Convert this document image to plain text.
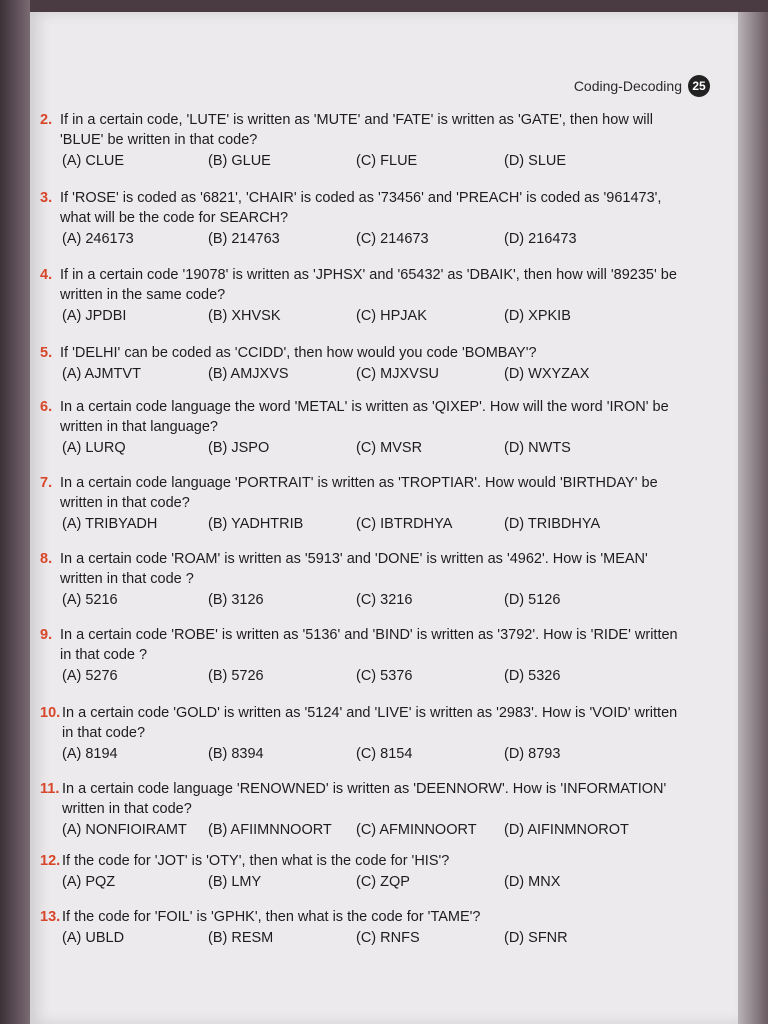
Coding-Decoding 25
2. If in a certain code, 'LUTE' is written as 'MUTE' and 'FATE' is written as 'GATE', then how will 'BLUE' be written in that code?
(A) CLUE	(B) GLUE	(C) FLUE	(D) SLUE
3. If 'ROSE' is coded as '6821', 'CHAIR' is coded as '73456' and 'PREACH' is coded as '961473', what will be the code for SEARCH?
(A) 246173	(B) 214763	(C) 214673	(D) 216473
4. If in a certain code '19078' is written as 'JPHSX' and '65432' as 'DBAIK', then how will '89235' be written in the same code?
(A) JPDBI	(B) XHVSK	(C) HPJAK	(D) XPKIB
5. If 'DELHI' can be coded as 'CCIDD', then how would you code 'BOMBAY'?
(A) AJMTVT	(B) AMJXVS	(C) MJXVSU	(D) WXYZAX
6. In a certain code language the word 'METAL' is written as 'QIXEP'. How will the word 'IRON' be written in that language?
(A) LURQ	(B) JSPO	(C) MVSR	(D) NWTS
7. In a certain code language 'PORTRAIT' is written as 'TROPTIAR'. How would 'BIRTHDAY' be written in that code?
(A) TRIBYADH	(B) YADHTRIB	(C) IBTRDHYA	(D) TRIBDHYA
8. In a certain code 'ROAM' is written as '5913' and 'DONE' is written as '4962'. How is 'MEAN' written in that code ?
(A) 5216	(B) 3126	(C) 3216	(D) 5126
9. In a certain code 'ROBE' is written as '5136' and 'BIND' is written as '3792'. How is 'RIDE' written in that code ?
(A) 5276	(B) 5726	(C) 5376	(D) 5326
10. In a certain code 'GOLD' is written as '5124' and 'LIVE' is written as '2983'. How is 'VOID' written in that code?
(A) 8194	(B) 8394	(C) 8154	(D) 8793
11. In a certain code language 'RENOWNED' is written as 'DEENNORW'. How is 'INFORMATION' written in that code?
(A) NONFIOIRAMT (B) AFIIMNNOORT (C) AFMINNOORT (D) AIFINMNOROT
12. If the code for 'JOT' is 'OTY', then what is the code for 'HIS'?
(A) PQZ	(B) LMY	(C) ZQP	(D) MNX
13. If the code for 'FOIL' is 'GPHK', then what is the code for 'TAME'?
(A) UBLD	(B) RESM	(C) RNFS	(D) SFNR
